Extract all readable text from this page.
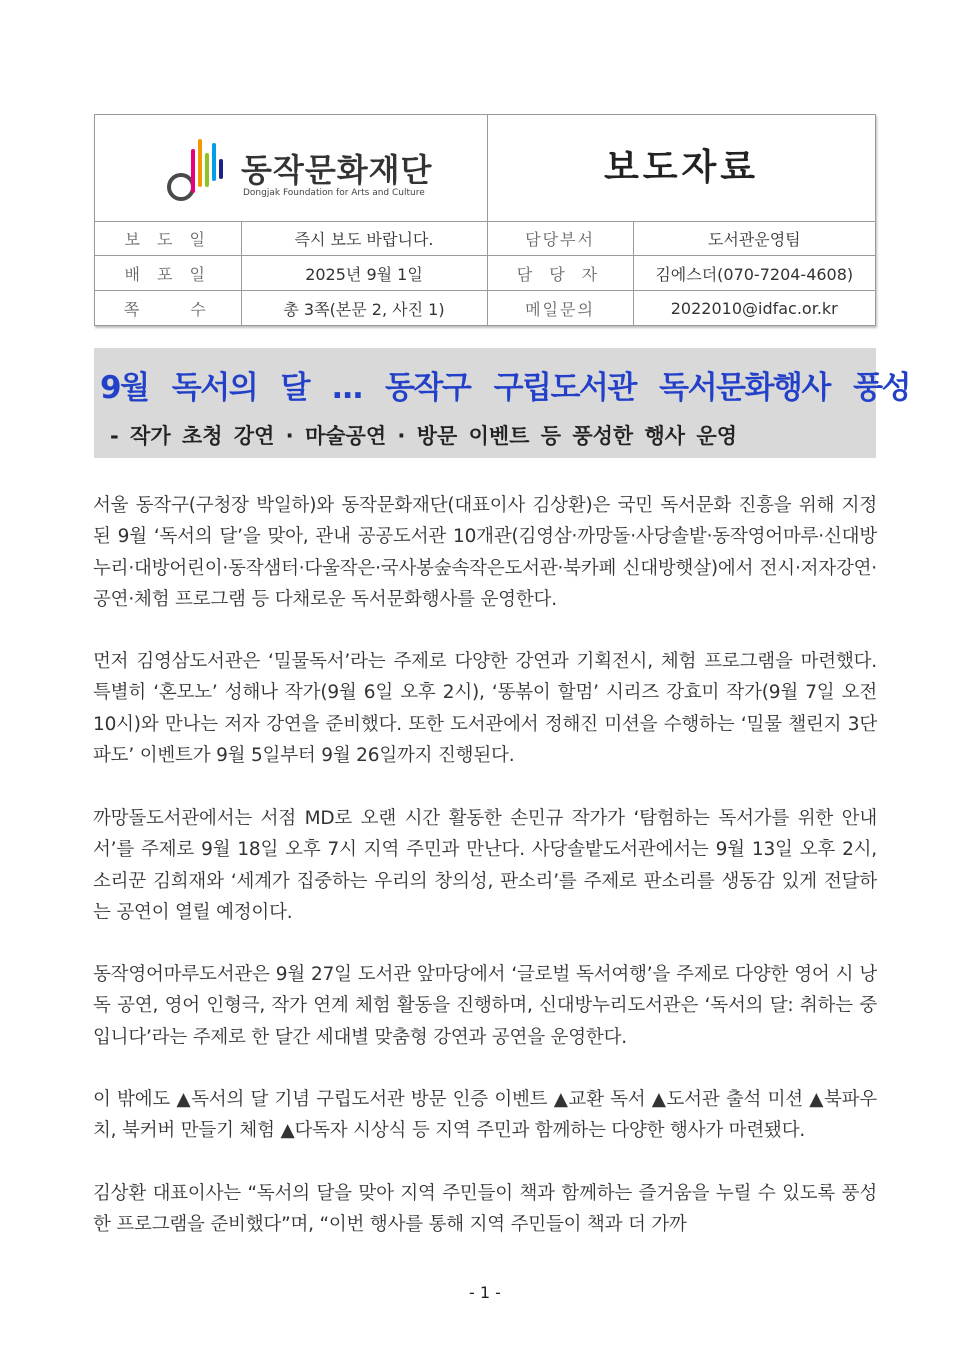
동작문화재단
Dongjak Foundation for Arts and Culture
보도자료
보 도 일	즉시 보도 바랍니다.	담당부서	도서관운영팀
배 포 일	2025년 9월 1일	담 당 자	김에스더(070-7204-4608)
쪽 수	총 3쪽(본문 2, 사진 1)	메일문의	2022010@idfac.or.kr
9월 독서의 달 … 동작구 구립도서관 독서문화행사 풍성
- 작가 초청 강연 · 마술공연 · 방문 이벤트 등 풍성한 행사 운영

서울 동작구(구청장 박일하)와 동작문화재단(대표이사 김상환)은 국민 독서문화 진흥을 위해 지정된 9월 ‘독서의 달’을 맞아, 관내 공공도서관 10개관(김영삼·까망돌·사당솔밭·동작영어마루·신대방누리·대방어린이·동작샘터·다울작은·국사봉숲속작은도서관·북카페 신대방햇살)에서 전시·저자강연·공연·체험 프로그램 등 다채로운 독서문화행사를 운영한다.

먼저 김영삼도서관은 ‘밀물독서’라는 주제로 다양한 강연과 기획전시, 체험 프로그램을 마련했다. 특별히 ‘혼모노’ 성해나 작가(9월 6일 오후 2시), ‘똥볶이 할멈’ 시리즈 강효미 작가(9월 7일 오전 10시)와 만나는 저자 강연을 준비했다. 또한 도서관에서 정해진 미션을 수행하는 ‘밀물 챌린지 3단 파도’ 이벤트가 9월 5일부터 9월 26일까지 진행된다.

까망돌도서관에서는 서점 MD로 오랜 시간 활동한 손민규 작가가 ‘탐험하는 독서가를 위한 안내서’를 주제로 9월 18일 오후 7시 지역 주민과 만난다. 사당솔밭도서관에서는 9월 13일 오후 2시, 소리꾼 김희재와 ‘세계가 집중하는 우리의 창의성, 판소리’를 주제로 판소리를 생동감 있게 전달하는 공연이 열릴 예정이다.

동작영어마루도서관은 9월 27일 도서관 앞마당에서 ‘글로벌 독서여행’을 주제로 다양한 영어 시 낭독 공연, 영어 인형극, 작가 연계 체험 활동을 진행하며, 신대방누리도서관은 ‘독서의 달: 취하는 중입니다’라는 주제로 한 달간 세대별 맞춤형 강연과 공연을 운영한다.

이 밖에도 ▲독서의 달 기념 구립도서관 방문 인증 이벤트 ▲교환 독서 ▲도서관 출석 미션 ▲북파우치, 북커버 만들기 체험 ▲다독자 시상식 등 지역 주민과 함께하는 다양한 행사가 마련됐다.

김상환 대표이사는 “독서의 달을 맞아 지역 주민들이 책과 함께하는 즐거움을 누릴 수 있도록 풍성한 프로그램을 준비했다”며, “이번 행사를 통해 지역 주민들이 책과 더 가까

- 1 -
